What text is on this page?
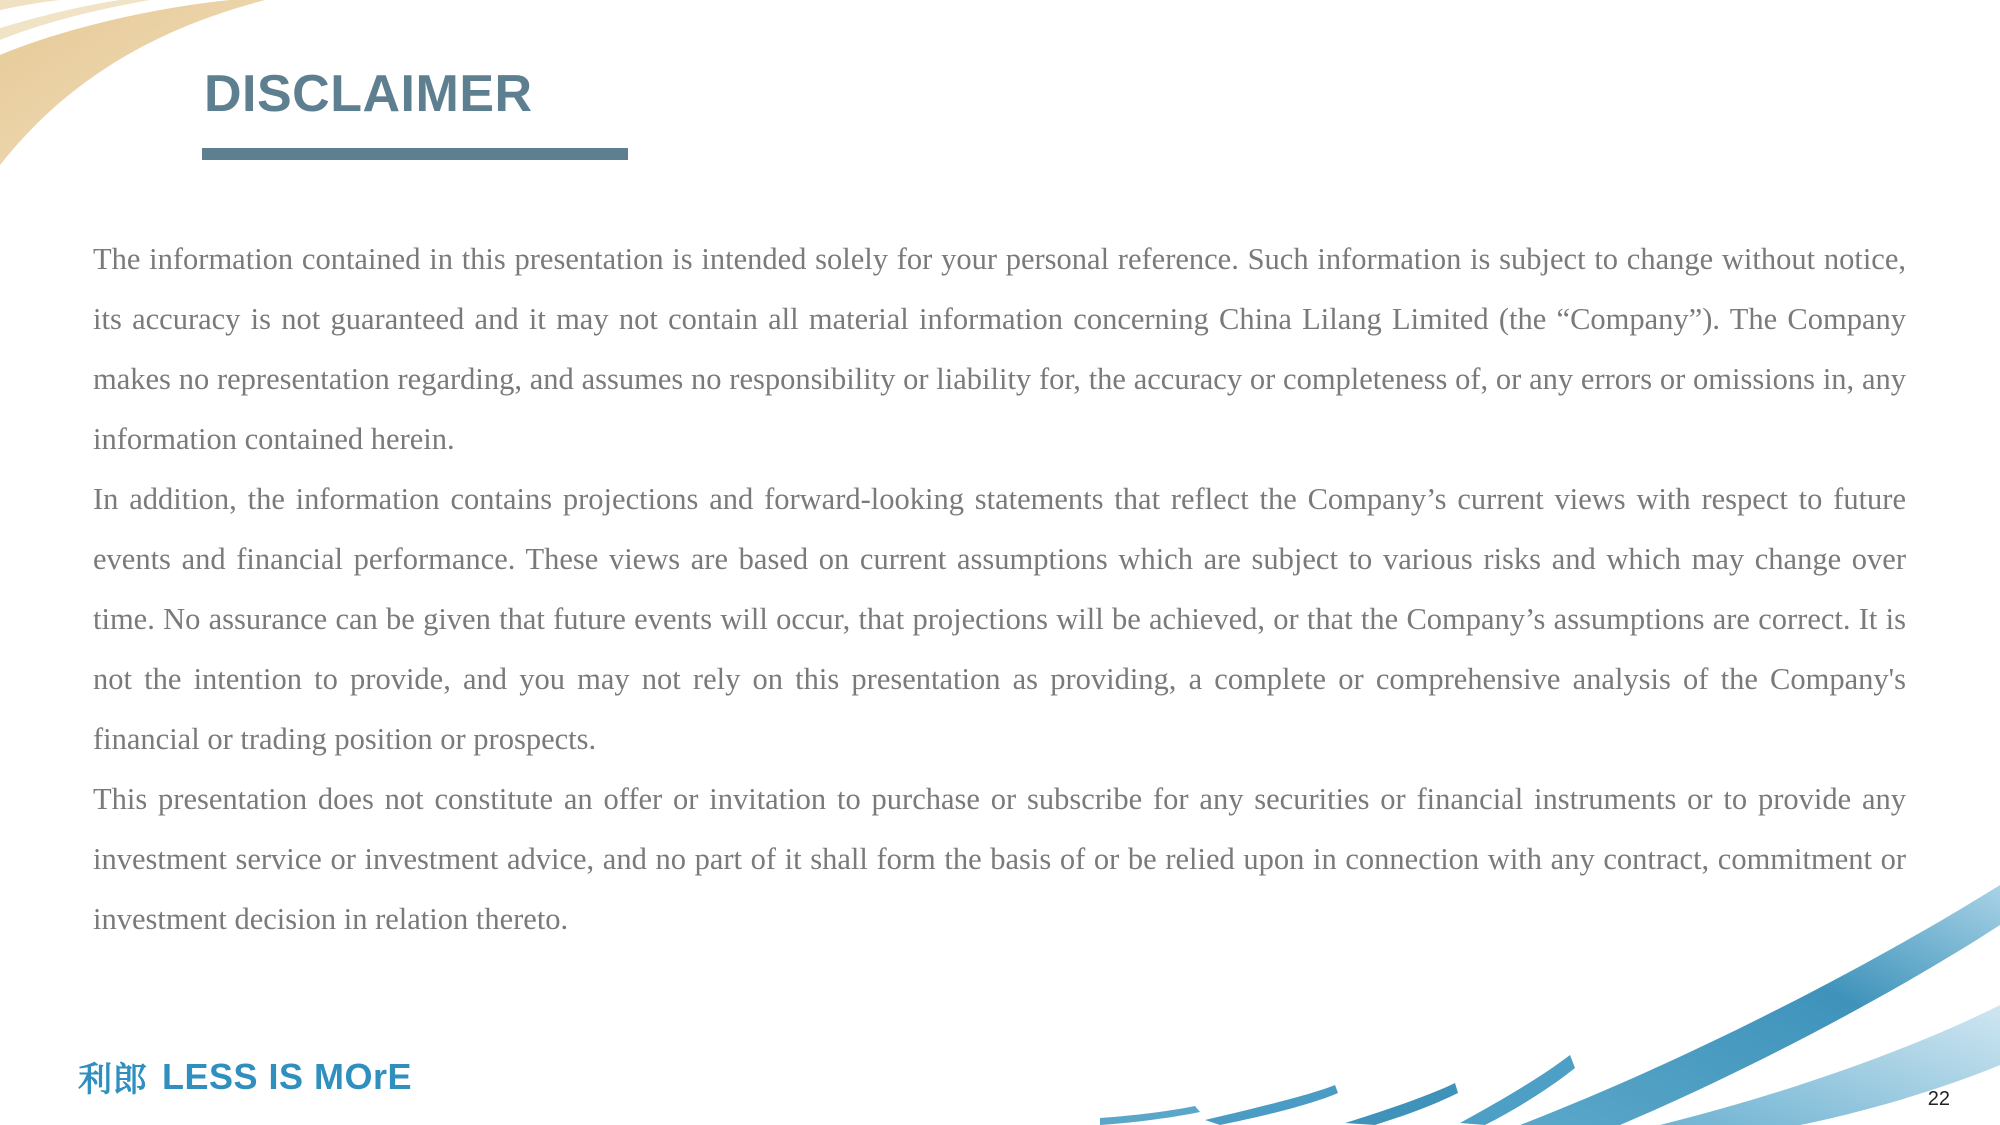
DISCLAIMER

The information contained in this presentation is intended solely for your personal reference. Such information is subject to change without notice, its accuracy is not guaranteed and it may not contain all material information concerning China Lilang Limited (the “Company”). The Company makes no representation regarding, and assumes no responsibility or liability for, the accuracy or completeness of, or any errors or omissions in, any information contained herein.

In addition, the information contains projections and forward-looking statements that reflect the Company’s current views with respect to future events and financial performance. These views are based on current assumptions which are subject to various risks and which may change over time. No assurance can be given that future events will occur, that projections will be achieved, or that the Company’s assumptions are correct. It is not the intention to provide, and you may not rely on this presentation as providing, a complete or comprehensive analysis of the Company's financial or trading position or prospects.

This presentation does not constitute an offer or invitation to purchase or subscribe for any securities or financial instruments or to provide any investment service or investment advice, and no part of it shall form the basis of or be relied upon in connection with any contract, commitment or investment decision in relation thereto.

利郎 LESS IS MOrE
22
